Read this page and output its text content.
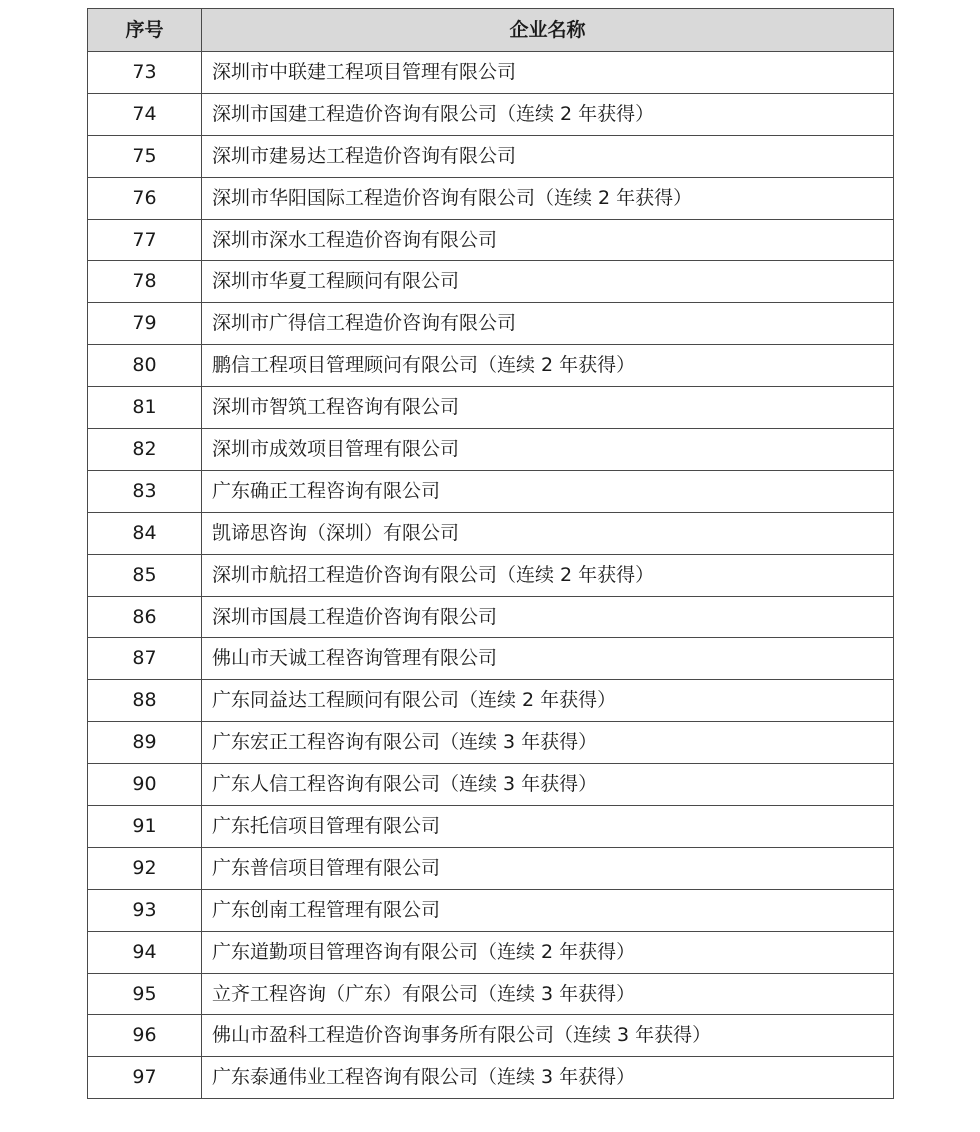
序号	企业名称
73	深圳市中联建工程项目管理有限公司
74	深圳市国建工程造价咨询有限公司（连续 2 年获得）
75	深圳市建易达工程造价咨询有限公司
76	深圳市华阳国际工程造价咨询有限公司（连续 2 年获得）
77	深圳市深水工程造价咨询有限公司
78	深圳市华夏工程顾问有限公司
79	深圳市广得信工程造价咨询有限公司
80	鹏信工程项目管理顾问有限公司（连续 2 年获得）
81	深圳市智筑工程咨询有限公司
82	深圳市成效项目管理有限公司
83	广东确正工程咨询有限公司
84	凯谛思咨询（深圳）有限公司
85	深圳市航招工程造价咨询有限公司（连续 2 年获得）
86	深圳市国晨工程造价咨询有限公司
87	佛山市天诚工程咨询管理有限公司
88	广东同益达工程顾问有限公司（连续 2 年获得）
89	广东宏正工程咨询有限公司（连续 3 年获得）
90	广东人信工程咨询有限公司（连续 3 年获得）
91	广东托信项目管理有限公司
92	广东普信项目管理有限公司
93	广东创南工程管理有限公司
94	广东道勤项目管理咨询有限公司（连续 2 年获得）
95	立齐工程咨询（广东）有限公司（连续 3 年获得）
96	佛山市盈科工程造价咨询事务所有限公司（连续 3 年获得）
97	广东泰通伟业工程咨询有限公司（连续 3 年获得）
